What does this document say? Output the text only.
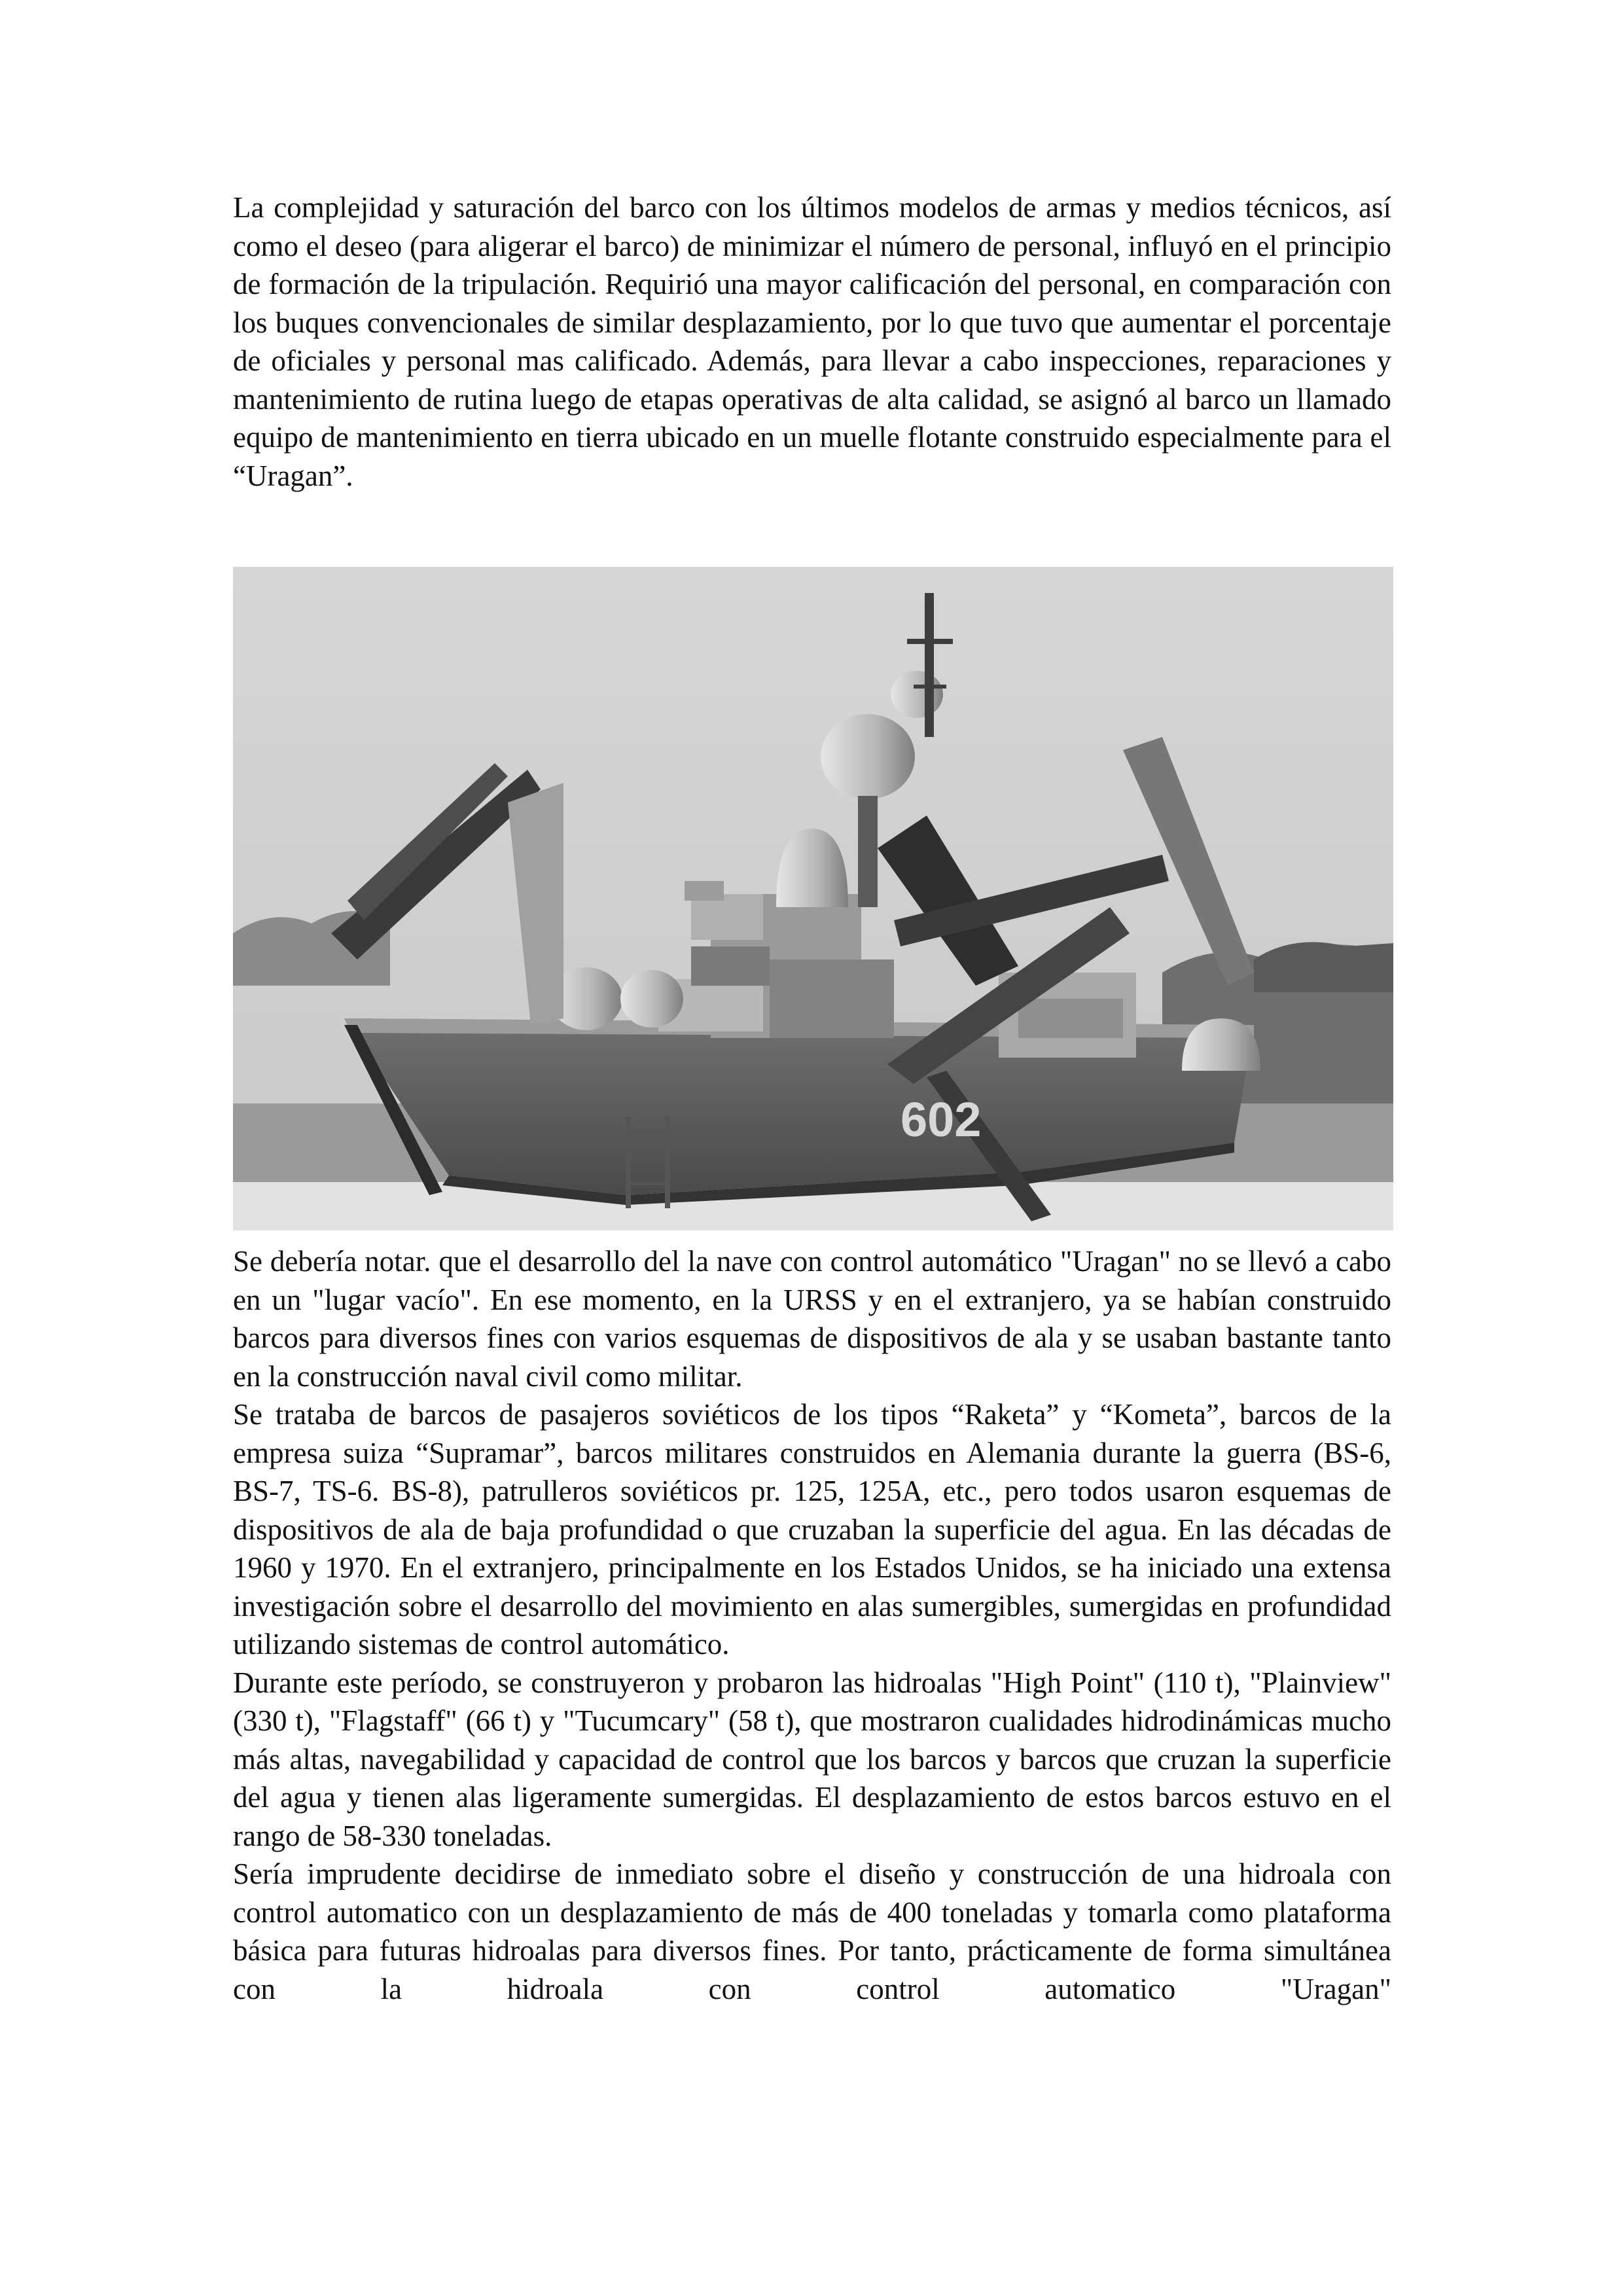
La complejidad y saturación del barco con los últimos modelos de armas y medios técnicos, así como el deseo (para aligerar el barco) de minimizar el número de personal, influyó en el principio de formación de la tripulación. Requirió una mayor calificación del personal, en comparación con los buques convencionales de similar desplazamiento, por lo que tuvo que aumentar el porcentaje de oficiales y personal mas calificado. Además, para llevar a cabo inspecciones, reparaciones y mantenimiento de rutina luego de etapas operativas de alta calidad, se asignó al barco un llamado equipo de mantenimiento en tierra ubicado en un muelle flotante construido especialmente para el “Uragan”.

602

Se debería notar. que el desarrollo del la nave con control automático "Uragan" no se llevó a cabo en un "lugar vacío". En ese momento, en la URSS y en el extranjero, ya se habían construido barcos para diversos fines con varios esquemas de dispositivos de ala y se usaban bastante tanto en la construcción naval civil como militar.

Se trataba de barcos de pasajeros soviéticos de los tipos “Raketa” y “Kometa”, barcos de la empresa suiza “Supramar”, barcos militares construidos en Alemania durante la guerra (BS-6, BS-7, TS-6. BS-8), patrulleros soviéticos pr. 125, 125A, etc., pero todos usaron esquemas de dispositivos de ala de baja profundidad o que cruzaban la superficie del agua. En las décadas de 1960 y 1970. En el extranjero, principalmente en los Estados Unidos, se ha iniciado una extensa investigación sobre el desarrollo del movimiento en alas sumergibles, sumergidas en profundidad utilizando sistemas de control automático.

Durante este período, se construyeron y probaron las hidroalas "High Point" (110 t), "Plainview" (330 t), "Flagstaff" (66 t) y "Tucumcary" (58 t), que mostraron cualidades hidrodinámicas mucho más altas, navegabilidad y capacidad de control que los barcos y barcos que cruzan la superficie del agua y tienen alas ligeramente sumergidas. El desplazamiento de estos barcos estuvo en el rango de 58-330 toneladas.

Sería imprudente decidirse de inmediato sobre el diseño y construcción de una hidroala con control automatico con un desplazamiento de más de 400 toneladas y tomarla como plataforma básica para futuras hidroalas para diversos fines. Por tanto, prácticamente de forma simultánea con la hidroala con control automatico "Uragan"
